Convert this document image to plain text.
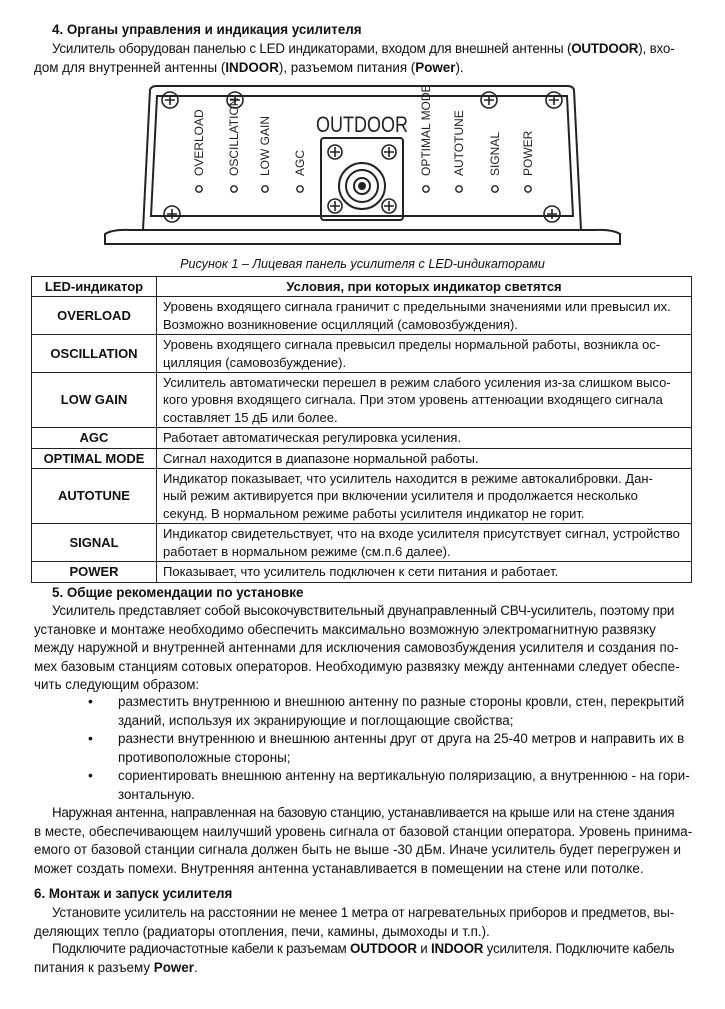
4. Органы управления и индикация усилителя
Усилитель оборудован панелью с LED индикаторами, входом для внешней антенны (OUTDOOR), вхо-
дом для внутренней антенны (INDOOR), разъемом питания (Power).
OUTDOOR
OVERLOAD OSCILLATION LOW GAIN AGC	OPTIMAL MODE AUTOTUNE SIGNAL POWER
Рисунок 1 – Лицевая панель усилителя с LED-индикаторами
LED-индикатор	Условия, при которых индикатор светятся
OVERLOAD	Уровень входящего сигнала граничит с предельными значениями или превысил их.
Возможно возникновение осцилляций (самовозбуждения).

OSCILLATION	Уровень входящего сигнала превысил пределы нормальной работы, возникла ос-
цилляция (самовозбуждение).

LOW GAIN	Усилитель автоматически перешел в режим слабого усиления из-за слишком высо-
кого уровня входящего сигнала. При этом уровень аттенюации входящего сигнала
составляет 15 дБ или более.

AGC	Работает автоматическая регулировка усиления.

OPTIMAL MODE	Сигнал находится в диапазоне нормальной работы.

AUTOTUNE	Индикатор показывает, что усилитель находится в режиме автокалибровки. Дан-
ный режим активируется при включении усилителя и продолжается несколько
секунд. В нормальном режиме работы усилителя индикатор не горит.

SIGNAL	Индикатор свидетельствует, что на входе усилителя присутствует сигнал, устройство
работает в нормальном режиме (см.п.6 далее).

POWER	Показывает, что усилитель подключен к сети питания и работает.
5. Общие рекомендации по установке
Усилитель представляет собой высокочувствительный двунаправленный СВЧ-усилитель, поэтому при
установке и монтаже необходимо обеспечить максимально возможную электромагнитную развязку
между наружной и внутренней антеннами для исключения самовозбуждения усилителя и создания по-
мех базовым станциям сотовых операторов. Необходимую развязку между антеннами следует обеспе-
чить следующим образом:
• разместить внутреннюю и внешнюю антенну по разные стороны кровли, стен, перекрытий
зданий, используя их экранирующие и поглощающие свойства;
• разнести внутреннюю и внешнюю антенны друг от друга на 25-40 метров и направить их в
противоположные стороны;
• сориентировать внешнюю антенну на вертикальную поляризацию, а внутреннюю - на гори-
зонтальную.
Наружная антенна, направленная на базовую станцию, устанавливается на крыше или на стене здания
в месте, обеспечивающем наилучший уровень сигнала от базовой станции оператора. Уровень принима-
емого от базовой станции сигнала должен быть не выше -30 дБм. Иначе усилитель будет перегружен и
может создать помехи. Внутренняя антенна устанавливается в помещении на стене или потолке.
6. Монтаж и запуск усилителя
Установите усилитель на расстоянии не менее 1 метра от нагревательных приборов и предметов, вы-
деляющих тепло (радиаторы отопления, печи, камины, дымоходы и т.п.).
Подключите радиочастотные кабели к разъемам OUTDOOR и INDOOR усилителя. Подключите кабель
питания к разъему Power.
